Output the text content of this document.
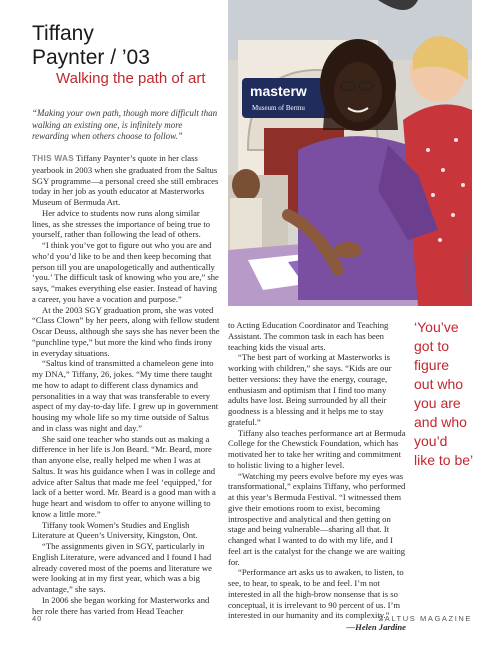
Tiffany
Paynter / ’03
Walking the path of art
“Making your own path, though more difficult than walking an existing one, is infinitely more rewarding when others choose to follow.”

THIS WAS Tiffany Paynter’s quote in her class yearbook in 2003 when she graduated from the Saltus SGY programme—a personal creed she still embraces today in her job as youth educator at Masterworks Museum of Bermuda Art.

Her advice to students now runs along similar lines, as she stresses the importance of being true to yourself, rather than following the lead of others.

“I think you’ve got to figure out who you are and who’d you’d like to be and then keep becoming that person till you are unapologetically and authentically ‘you.’ The difficult task of knowing who you are,” she says, “makes everything else easier. Instead of having a career, you have a vocation and purpose.”

At the 2003 SGY graduation prom, she was voted “Class Clown” by her peers, along with fellow student Oscar Deuss, although she says she has never been the “punchline type,” but more the kind who finds irony in everyday situations.

“Saltus kind of transmitted a chameleon gene into my DNA,” Tiffany, 26, jokes. “My time there taught me how to adapt to different class dynamics and personalities in a way that was transferable to every aspect of my day-to-day life. I grew up in government housing my whole life so my time outside of Saltus and in class was night and day.”

She said one teacher who stands out as making a difference in her life is Jon Beard. “Mr. Beard, more than anyone else, really helped me when I was at Saltus. It was his guidance when I was in college and advice after Saltus that made me feel ‘equipped,’ for lack of a better word. Mr. Beard is a good man with a huge heart and wisdom to offer to anyone willing to know a little more.”

Tiffany took Women’s Studies and English Literature at Queen’s University, Kingston, Ont.

“The assignments given in SGY, particularly in English Literature, were advanced and I found I had already covered most of the poems and literature we were looking at in my first year, which was a big advantage,” she says.

In 2006 she began working for Masterworks and her role there has varied from Head Teacher

to Acting Education Coordinator and Teaching Assistant. The common task in each has been teaching kids the visual arts.

“The best part of working at Masterworks is working with children,” she says. “Kids are our better versions: they have the energy, courage, enthusiasm and optimism that I find too many adults have lost. Being surrounded by all their goodness is a blessing and it helps me to stay grateful.”

Tiffany also teaches performance art at Bermuda College for the Chewstick Foundation, which has motivated her to take her writing and commitment to holistic living to a higher level.

“Watching my peers evolve before my eyes was transformational,” explains Tiffany, who performed at this year’s Bermuda Festival. “I witnessed them give their emotions room to exist, becoming introspective and analytical and then getting on stage and being vulnerable—sharing all that. It changed what I wanted to do with my life, and I feel art is the catalyst for the change we are waiting for.

“Performance art asks us to awaken, to listen, to see, to hear, to speak, to be and feel. I’m not interested in all the high-brow nonsense that is so conceptual, it is irrelevant to 90 percent of us. I’m interested in our humanity and its complexity.”

—Helen Jardine
‘You’ve
got to
figure
out who
you are
and who
you’d
like to be’
masterw
Museum of Bermu
CHARLES ANDERSON
40	SALTUS MAGAZINE
